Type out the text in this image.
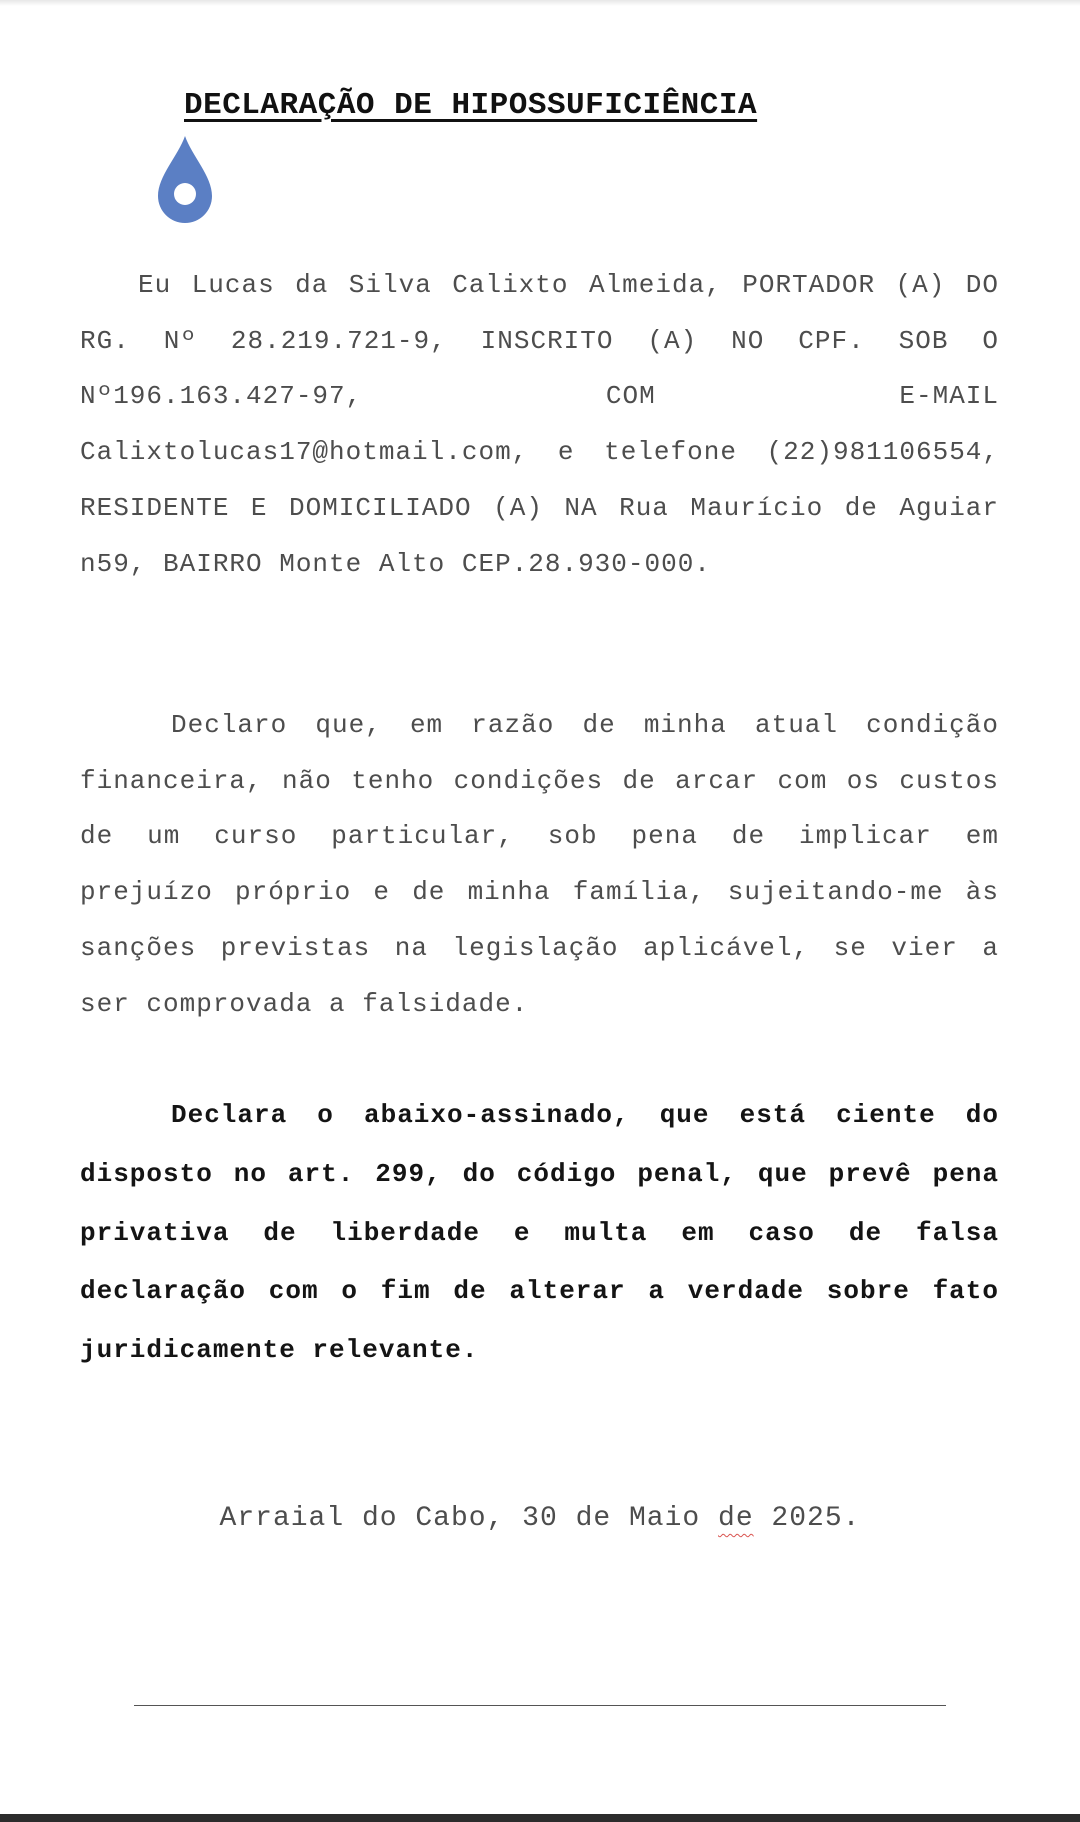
DECLARAÇÃO DE HIPOSSUFICIÊNCIA

Eu Lucas da Silva Calixto Almeida, PORTADOR (A) DO RG. Nº 28.219.721-9, INSCRITO (A) NO CPF. SOB O Nº196.163.427-97, COM E-MAIL Calixtolucas17@hotmail.com, e telefone (22)981106554, RESIDENTE E DOMICILIADO (A) NA Rua Maurício de Aguiar n59, BAIRRO Monte Alto CEP.28.930-000.

Declaro que, em razão de minha atual condição financeira, não tenho condições de arcar com os custos de um curso particular, sob pena de implicar em prejuízo próprio e de minha família, sujeitando-me às sanções previstas na legislação aplicável, se vier a ser comprovada a falsidade.

Declara o abaixo-assinado, que está ciente do disposto no art. 299, do código penal, que prevê pena privativa de liberdade e multa em caso de falsa declaração com o fim de alterar a verdade sobre fato juridicamente relevante.

Arraial do Cabo, 30 de Maio de 2025.
